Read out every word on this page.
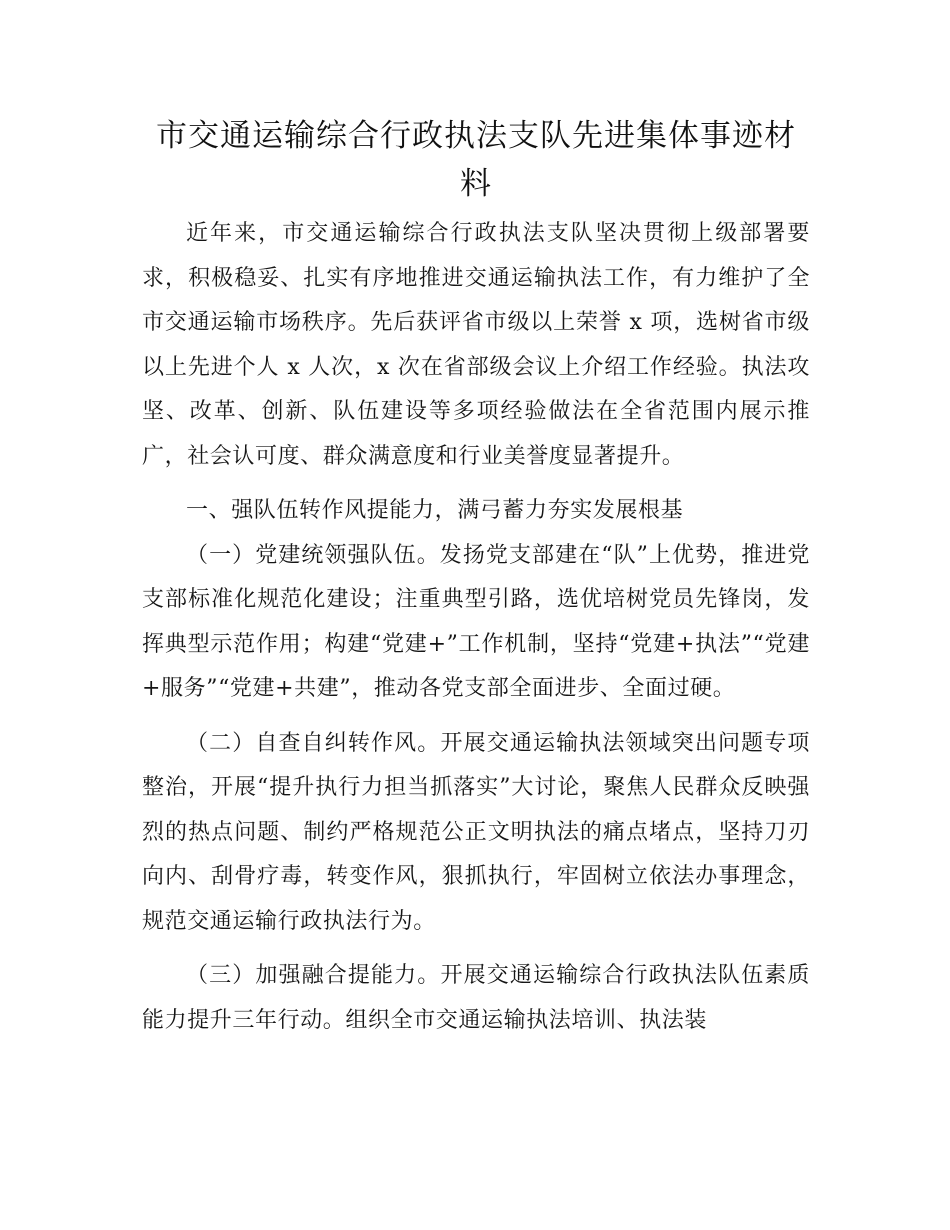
市交通运输综合行政执法支队先进集体事迹材料

近年来，市交通运输综合行政执法支队坚决贯彻上级部署要求，积极稳妥、扎实有序地推进交通运输执法工作，有力维护了全市交通运输市场秩序。先后获评省市级以上荣誉 x 项，选树省市级以上先进个人 x 人次，x 次在省部级会议上介绍工作经验。执法攻坚、改革、创新、队伍建设等多项经验做法在全省范围内展示推广，社会认可度、群众满意度和行业美誉度显著提升。

一、强队伍转作风提能力，满弓蓄力夯实发展根基

（一）党建统领强队伍。发扬党支部建在“队”上优势，推进党支部标准化规范化建设；注重典型引路，选优培树党员先锋岗，发挥典型示范作用；构建“党建+”工作机制，坚持“党建+执法”“党建+服务”“党建+共建”，推动各党支部全面进步、全面过硬。

（二）自查自纠转作风。开展交通运输执法领域突出问题专项整治，开展“提升执行力担当抓落实”大讨论，聚焦人民群众反映强烈的热点问题、制约严格规范公正文明执法的痛点堵点，坚持刀刃向内、刮骨疗毒，转变作风，狠抓执行，牢固树立依法办事理念，规范交通运输行政执法行为。

（三）加强融合提能力。开展交通运输综合行政执法队伍素质能力提升三年行动。组织全市交通运输执法培训、执法装
